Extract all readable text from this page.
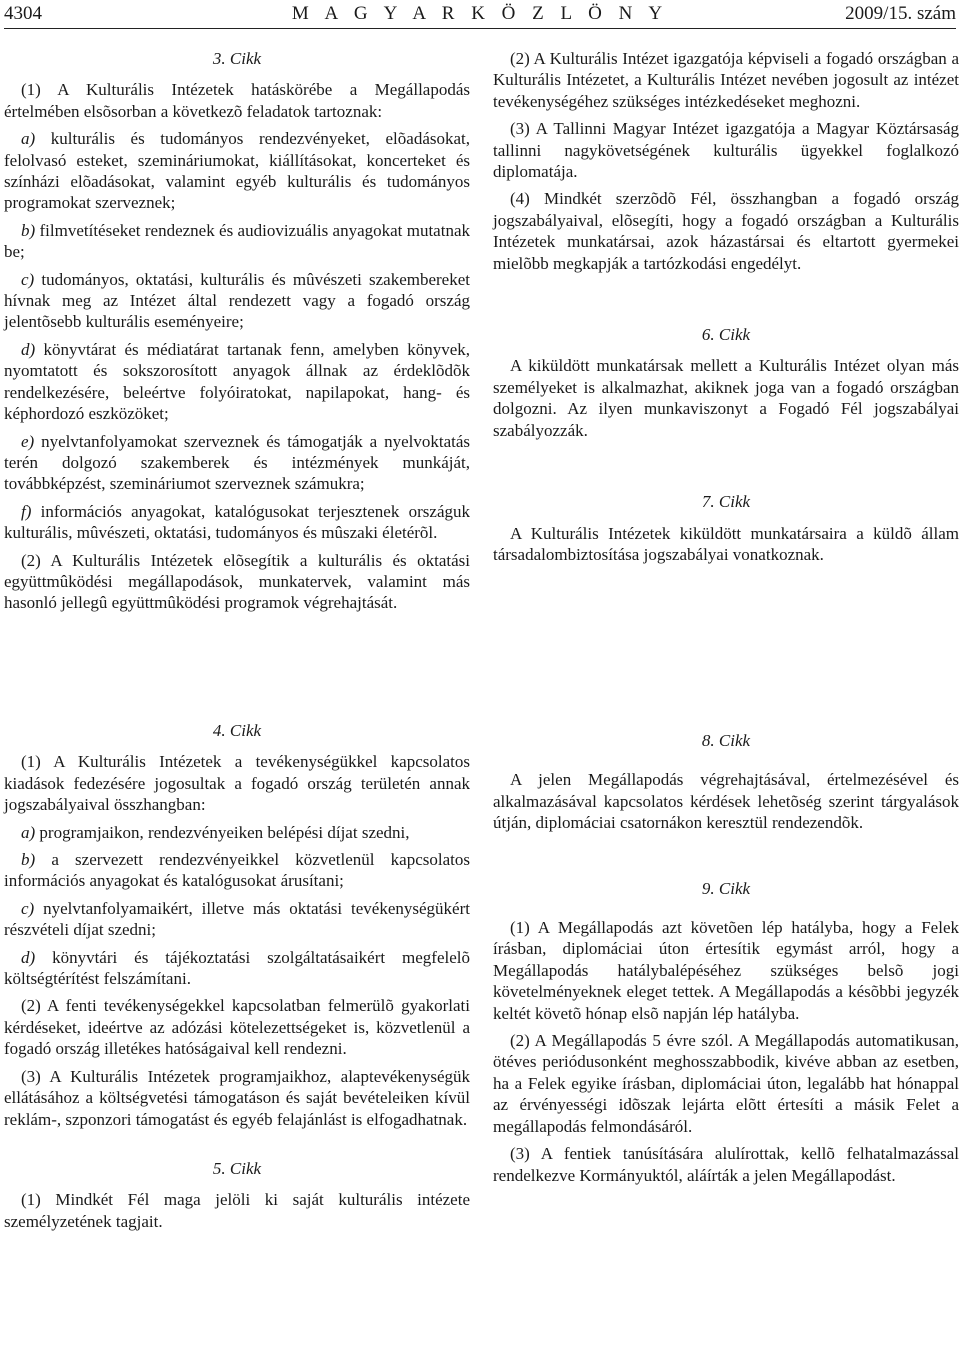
4304	M A G Y A R K Ö Z L Ö N Y	2009/15. szám

3. Cikk

(1) A Kulturális Intézetek hatáskörébe a Megállapodás értelmében elsõsorban a következõ feladatok tartoznak:

a) kulturális és tudományos rendezvényeket, elõadásokat, felolvasó esteket, szemináriumokat, kiállításokat, koncerteket és színházi elõadásokat, valamint egyéb kulturális és tudományos programokat szerveznek;

b) filmvetítéseket rendeznek és audiovizuális anyagokat mutatnak be;

c) tudományos, oktatási, kulturális és mûvészeti szakembereket hívnak meg az Intézet által rendezett vagy a fogadó ország jelentõsebb kulturális eseményeire;

d) könyvtárat és médiatárat tartanak fenn, amelyben könyvek, nyomtatott és sokszorosított anyagok állnak az érdeklõdõk rendelkezésére, beleértve folyóiratokat, napilapokat, hang- és képhordozó eszközöket;

e) nyelvtanfolyamokat szerveznek és támogatják a nyelvoktatás terén dolgozó szakemberek és intézmények munkáját, továbbképzést, szemináriumot szerveznek számukra;

f) információs anyagokat, katalógusokat terjesztenek országuk kulturális, mûvészeti, oktatási, tudományos és mûszaki életérõl.

(2) A Kulturális Intézetek elõsegítik a kulturális és oktatási együttmûködési megállapodások, munkatervek, valamint más hasonló jellegû együttmûködési programok végrehajtását.

4. Cikk

(1) A Kulturális Intézetek a tevékenységükkel kapcsolatos kiadások fedezésére jogosultak a fogadó ország területén annak jogszabályaival összhangban:

a) programjaikon, rendezvényeiken belépési díjat szedni,

b) a szervezett rendezvényeikkel közvetlenül kapcsolatos információs anyagokat és katalógusokat árusítani;

c) nyelvtanfolyamaikért, illetve más oktatási tevékenységükért részvételi díjat szedni;

d) könyvtári és tájékoztatási szolgáltatásaikért megfelelõ költségtérítést felszámítani.

(2) A fenti tevékenységekkel kapcsolatban felmerülõ gyakorlati kérdéseket, ideértve az adózási kötelezettségeket is, közvetlenül a fogadó ország illetékes hatóságaival kell rendezni.

(3) A Kulturális Intézetek programjaikhoz, alaptevékenységük ellátásához a költségvetési támogatáson és saját bevételeiken kívül reklám-, szponzori támogatást és egyéb felajánlást is elfogadhatnak.

5. Cikk

(1) Mindkét Fél maga jelöli ki saját kulturális intézete személyzetének tagjait.

(2) A Kulturális Intézet igazgatója képviseli a fogadó országban a Kulturális Intézetet, a Kulturális Intézet nevében jogosult az intézet tevékenységéhez szükséges intézkedéseket meghozni.

(3) A Tallinni Magyar Intézet igazgatója a Magyar Köztársaság tallinni nagykövetségének kulturális ügyekkel foglalkozó diplomatája.

(4) Mindkét szerzõdõ Fél, összhangban a fogadó ország jogszabályaival, elõsegíti, hogy a fogadó országban a Kulturális Intézetek munkatársai, azok házastársai és eltartott gyermekei mielõbb megkapják a tartózkodási engedélyt.

6. Cikk

A kiküldött munkatársak mellett a Kulturális Intézet olyan más személyeket is alkalmazhat, akiknek joga van a fogadó országban dolgozni. Az ilyen munkaviszonyt a Fogadó Fél jogszabályai szabályozzák.

7. Cikk

A Kulturális Intézetek kiküldött munkatársaira a küldõ állam társadalombiztosítása jogszabályai vonatkoznak.

8. Cikk

A jelen Megállapodás végrehajtásával, értelmezésével és alkalmazásával kapcsolatos kérdések lehetõség szerint tárgyalások útján, diplomáciai csatornákon keresztül rendezendõk.

9. Cikk

(1) A Megállapodás azt követõen lép hatályba, hogy a Felek írásban, diplomáciai úton értesítik egymást arról, hogy a Megállapodás hatálybalépéséhez szükséges belsõ jogi követelményeknek eleget tettek. A Megállapodás a késõbbi jegyzék keltét követõ hónap elsõ napján lép hatályba.

(2) A Megállapodás 5 évre szól. A Megállapodás automatikusan, ötéves periódusonként meghosszabbodik, kivéve abban az esetben, ha a Felek egyike írásban, diplomáciai úton, legalább hat hónappal az érvényességi idõszak lejárta elõtt értesíti a másik Felet a megállapodás felmondásáról.

(3) A fentiek tanúsítására alulírottak, kellõ felhatalmazással rendelkezve Kormányuktól, aláírták a jelen Megállapodást.
